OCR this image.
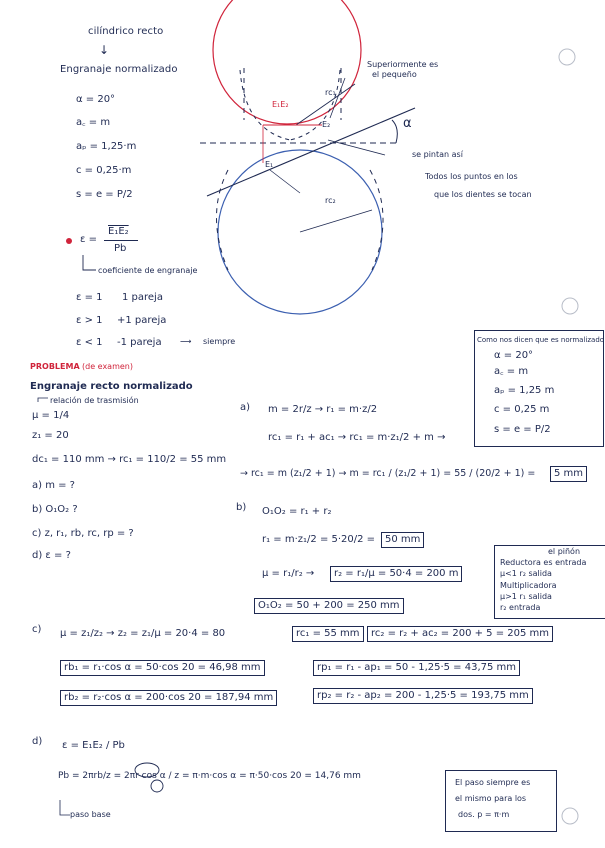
cilíndrico recto
↓
Engranaje normalizado
α = 20°
a꜀ = m
aₚ = 1,25·m
c = 0,25·m
s = e = P/2
Superiormente es
el pequeño
rc₁
rc₂
E₁E₂
E₁
E₂	α
se pintan así
Todos los puntos en los
que los dientes se tocan
ε =
E₁E₂
Pb
coeficiente de engranaje
ε = 1 1 pareja
ε > 1 +1 pareja
ε < 1 -1 pareja ⟶ siempre	Como nos dicen que es normalizado
α = 20°
a꜀ = m
aₚ = 1,25 m
c = 0,25 m
s = e = P/2
PROBLEMA (de examen)
Engranaje recto normalizado
relación de trasmisión
μ = 1/4
z₁ = 20
dc₁ = 110 mm → rc₁ = 110/2 = 55 mm
a) m = ?
b) O₁O₂ ?
c) z, r₁, rb, rc, rp = ?
d) ε = ?
a) m = 2r/z → r₁ = m·z/2
rc₁ = r₁ + ac₁ → rc₁ = m·z₁/2 + m →
→ rc₁ = m (z₁/2 + 1) → m = rc₁ / (z₁/2 + 1) = 55 / (20/2 + 1) =	5 mm
b) O₁O₂ = r₁ + r₂
r₁ = m·z₁/2 = 5·20/2 = 50 mm
μ = r₁/r₂ →	r₂ = r₁/μ = 50·4 = 200 m
O₁O₂ = 50 + 200 = 250 mm
el piñón
Reductora es entrada
μ<1 r₂ salida
Multiplicadora
μ>1 r₁ salida
r₂ entrada
c) μ = z₁/z₂ → z₂ = z₁/μ = 20·4 = 80	rc₁ = 55 mm	rc₂ = r₂ + ac₂ = 200 + 5 = 205 mm
rb₁ = r₁·cos α = 50·cos 20 = 46,98 mm	rp₁ = r₁ - ap₁ = 50 - 1,25·5 = 43,75 mm
rb₂ = r₂·cos α = 200·cos 20 = 187,94 mm	rp₂ = r₂ - ap₂ = 200 - 1,25·5 = 193,75 mm
d) ε = E₁E₂ / Pb
Pb = 2πrb/z = 2πr cos α / z = π·m·cos α = π·50·cos 20 = 14,76 mm
paso base
El paso siempre es
el mismo para los
dos. p = π·m
